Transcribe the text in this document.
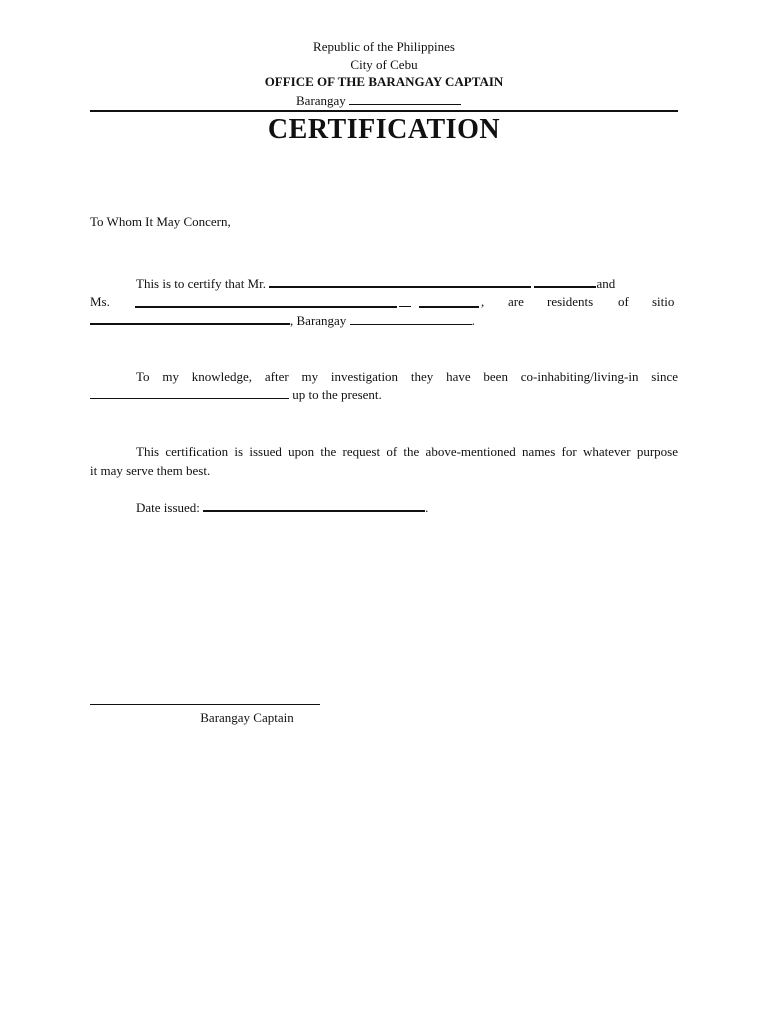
Republic of the Philippines
City of Cebu
OFFICE OF THE BARANGAY CAPTAIN
Barangay
CERTIFICATION
To Whom It May Concern,
This is to certify that Mr.	and
Ms.	, are residents of sitio
, Barangay	.
To my knowledge, after my investigation they have been co-inhabiting/living-in since
up to the present.
This certification is issued upon the request of the above-mentioned names for whatever purpose
it may serve them best.
Date issued:	.
Barangay Captain
